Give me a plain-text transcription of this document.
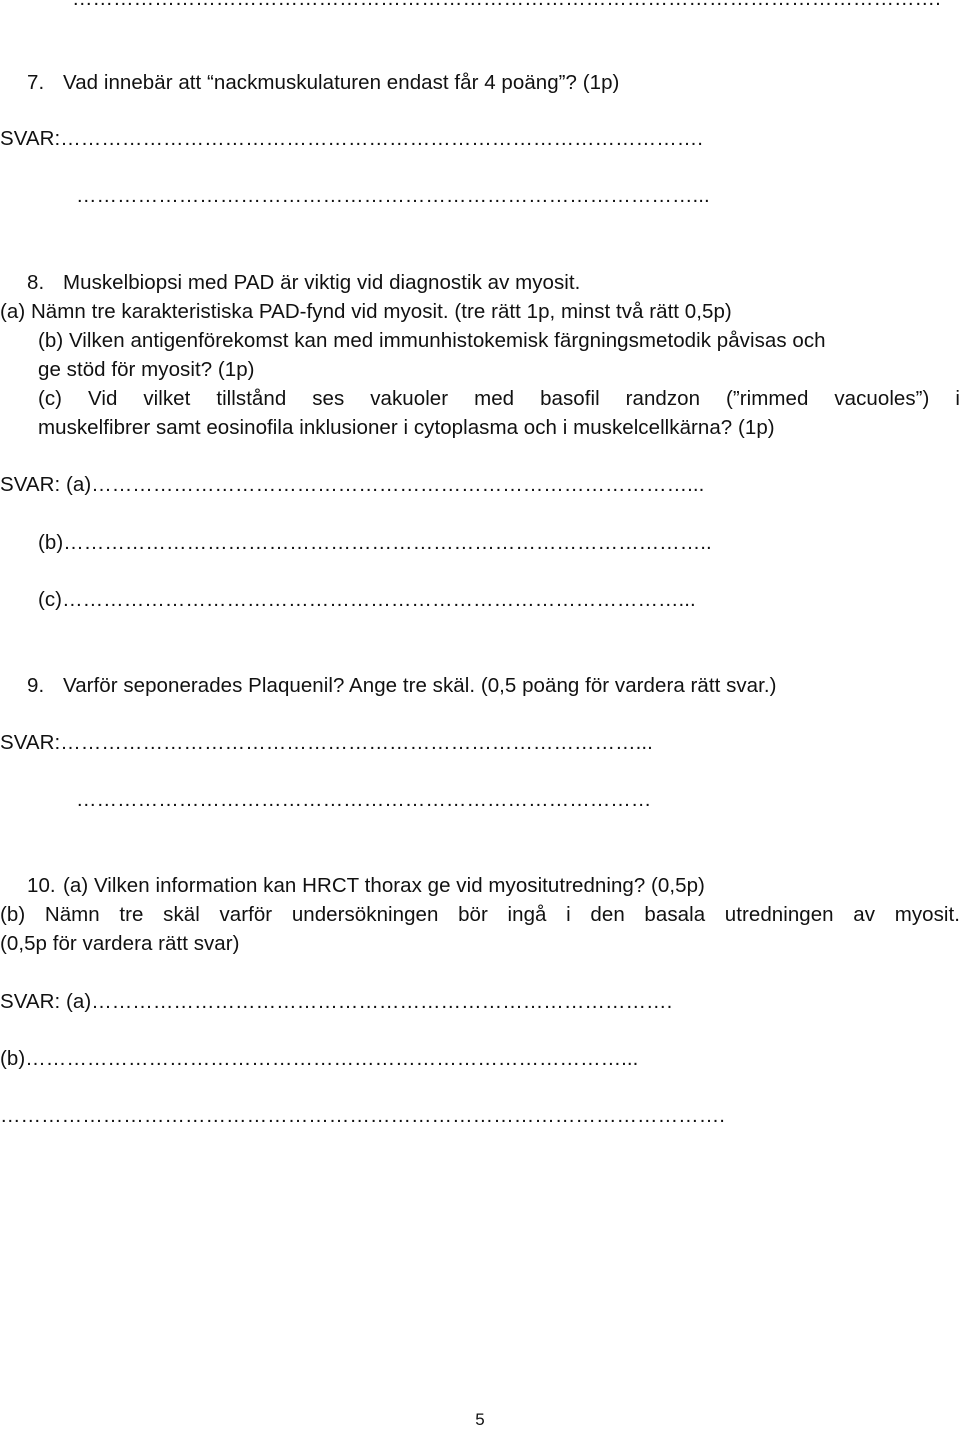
7. Vad innebär att “nackmuskulaturen endast får 4 poäng”? (1p)
SVAR:………………………………………………………………………………….
………………………………………………………………………………...
8. Muskelbiopsi med PAD är viktig vid diagnostik av myosit.
(a) Nämn tre karakteristiska PAD-fynd vid myosit. (tre rätt 1p, minst två rätt 0,5p)
(b) Vilken antigenförekomst kan med immunhistokemisk färgningsmetodik påvisas och
ge stöd för myosit? (1p)
(c) Vid vilket tillstånd ses vakuoler med basofil randzon (”rimmed vacuoles”) i
muskelfibrer samt eosinofila inklusioner i cytoplasma och i muskelcellkärna? (1p)
SVAR: (a)……………………………………………………………………………...
(b)…………………………………………………………………………………..
(c)………………………………………………………………………………...
9. Varför seponerades Plaquenil? Ange tre skäl. (0,5 poäng för vardera rätt svar.)
SVAR:…………………………………………………………………………...
…………………………………………………………………………
10. (a) Vilken information kan HRCT thorax ge vid myositutredning? (0,5p)
(b) Nämn tre skäl varför undersökningen bör ingå i den basala utredningen av myosit.
(0,5p för vardera rätt svar)
SVAR: (a)………………………………………………………………………….
(b)……………………………………………………………………………...
…………………………………………………………………………………………….
5
